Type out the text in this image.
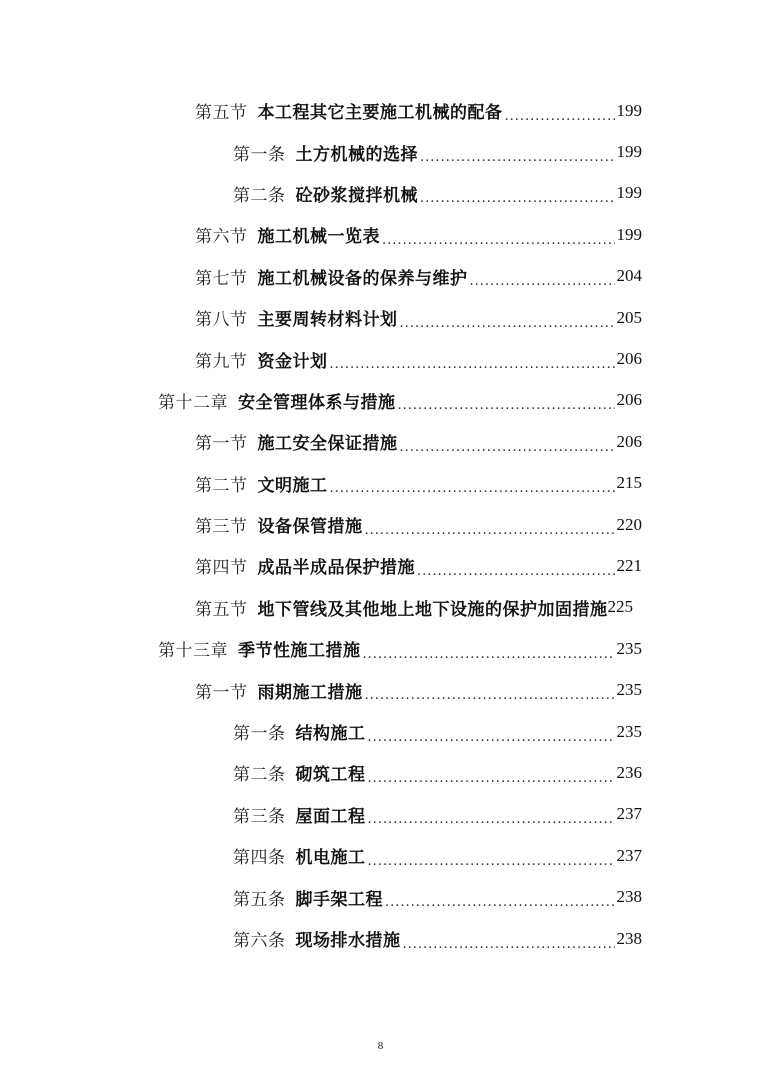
第五节 本工程其它主要施工机械的配备 .....	199
第一条 土方机械的选择 .....	199
第二条 砼砂浆搅拌机械 .....	199
第六节 施工机械一览表 .....	199
第七节 施工机械设备的保养与维护 .....	204
第八节 主要周转材料计划 .....	205
第九节 资金计划 .....	206
第十二章 安全管理体系与措施 .....	206
第一节 施工安全保证措施 .....	206
第二节 文明施工 .....	215
第三节 设备保管措施 .....	220
第四节 成品半成品保护措施 .....	221
第五节 地下管线及其他地上地下设施的保护加固措施 225
第十三章 季节性施工措施 .....	235
第一节 雨期施工措施 .....	235
第一条 结构施工 .....	235
第二条 砌筑工程 .....	236
第三条 屋面工程 .....	237
第四条 机电施工 .....	237
第五条 脚手架工程 .....	238
第六条 现场排水措施 .....	238
8
